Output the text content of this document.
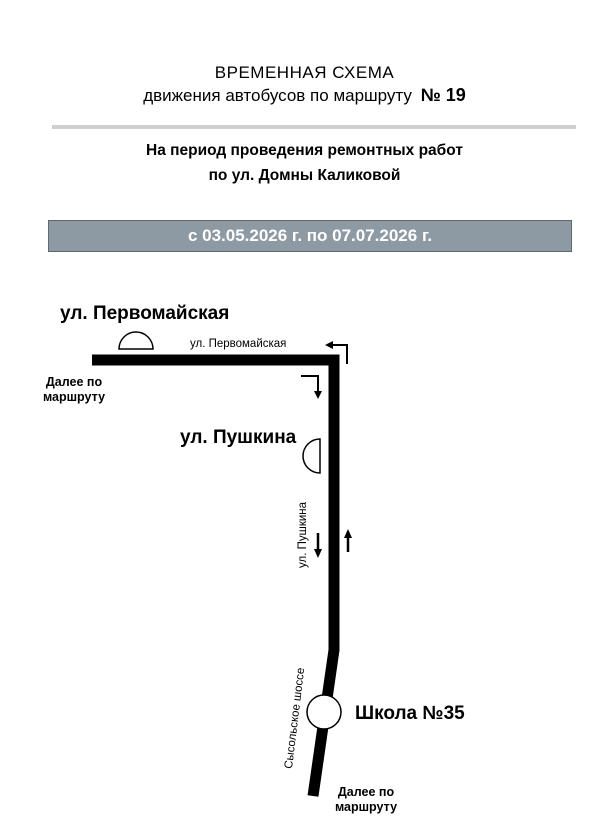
ВРЕМЕННАЯ СХЕМА
движения автобусов по маршруту № 19
На период проведения ремонтных работ
по ул. Домны Каликовой
с 03.05.2026 г. по 07.07.2026 г.
ул. Первомайская
ул. Первомайская
Далее по
маршруту
ул. Пушкина
ул. Пушкина
Сысольское шоссе	Школа №35
Далее по
маршруту
